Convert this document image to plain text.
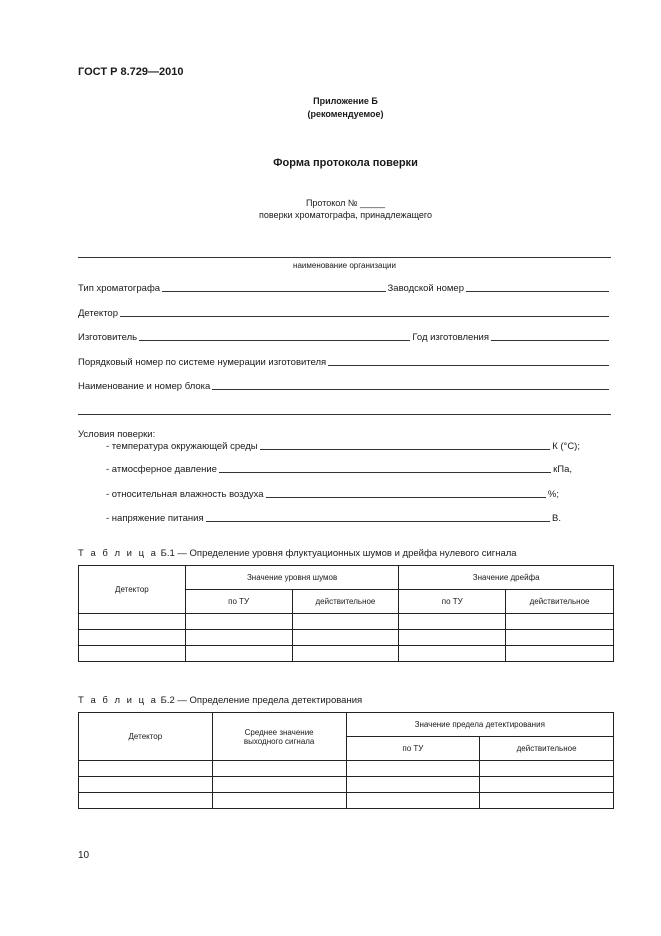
ГОСТ Р 8.729—2010
Приложение Б
(рекомендуемое)
Форма протокола поверки
Протокол № _____
поверки хроматографа, принадлежащего
наименование организации
Тип хроматографа	Заводской номер
Детектор
Изготовитель	Год изготовления
Порядковый номер по системе нумерации изготовителя
Наименование и номер блока
Условия поверки:
- температура окружающей среды	К (°С);
- атмосферное давление	кПа,
- относительная влажность воздуха	%;
- напряжение питания	В.
Т а б л и ц а Б.1 — Определение уровня флуктуационных шумов и дрейфа нулевого сигнала
Детектор	Значение уровня шумов		Значение дрейфа	
	по ТУ	действительное	по ТУ	действительное

Т а б л и ц а Б.2 — Определение предела детектирования
Детектор	Среднее значение выходного сигнала	Значение предела детектирования	
		по ТУ	действительное

10
